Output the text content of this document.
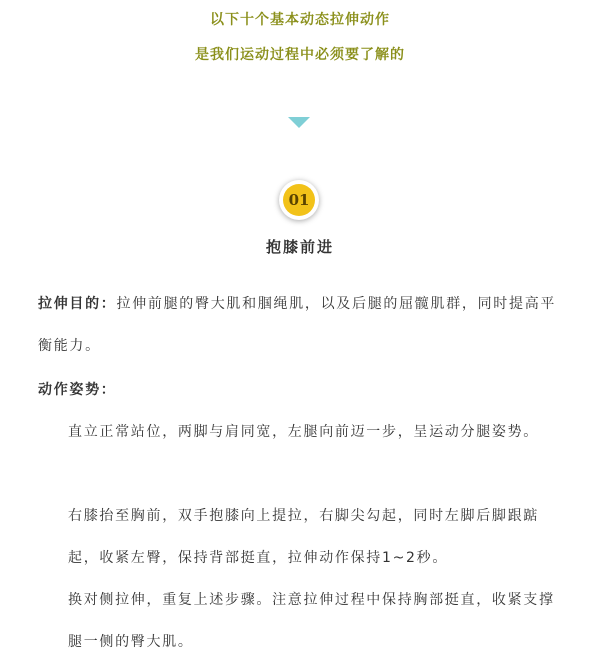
以下十个基本动态拉伸动作
是我们运动过程中必须要了解的
01
抱膝前进
拉伸目的：拉伸前腿的臀大肌和腘绳肌，以及后腿的屈髋肌群，同时提高平衡能力。
动作姿势：
直立正常站位，两脚与肩同宽，左腿向前迈一步，呈运动分腿姿势。
右膝抬至胸前，双手抱膝向上提拉，右脚尖勾起，同时左脚后脚跟踮起，收紧左臀，保持背部挺直，拉伸动作保持1~2秒。
换对侧拉伸，重复上述步骤。注意拉伸过程中保持胸部挺直，收紧支撑腿一侧的臀大肌。
